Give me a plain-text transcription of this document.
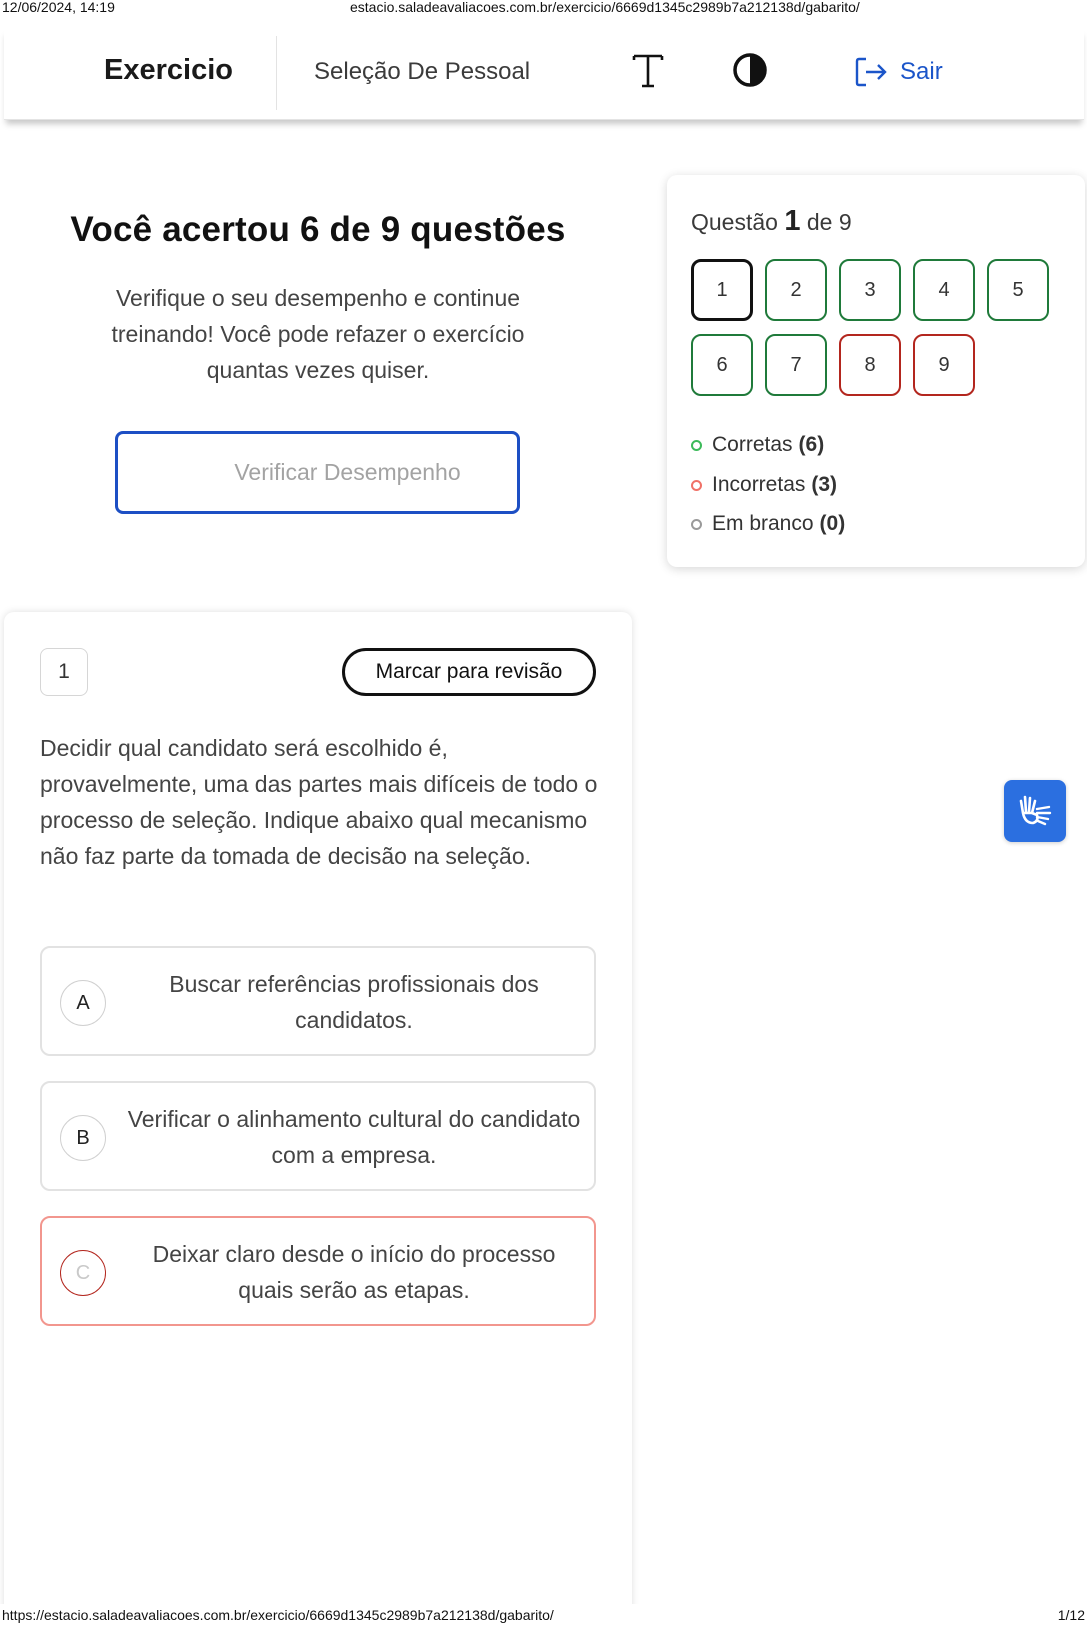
12/06/2024, 14:19	estacio.saladeavaliacoes.com.br/exercicio/6669d1345c2989b7a212138d/gabarito/
Exercicio	Seleção De Pessoal	Sair
Você acertou 6 de 9 questões

Verifique o seu desempenho e continue treinando! Você pode refazer o exercício quantas vezes quiser.

Verificar Desempenho
Questão 1 de 9
1	2	3	4	5
6	7	8	9
Corretas (6)
Incorretas (3)
Em branco (0)
1	Marcar para revisão
Decidir qual candidato será escolhido é, provavelmente, uma das partes mais difíceis de todo o processo de seleção. Indique abaixo qual mecanismo não faz parte da tomada de decisão na seleção.
A
Buscar referências profissionais dos candidatos.
B
Verificar o alinhamento cultural do candidato com a empresa.
C
Deixar claro desde o início do processo quais serão as etapas.
https://estacio.saladeavaliacoes.com.br/exercicio/6669d1345c2989b7a212138d/gabarito/	1/12
